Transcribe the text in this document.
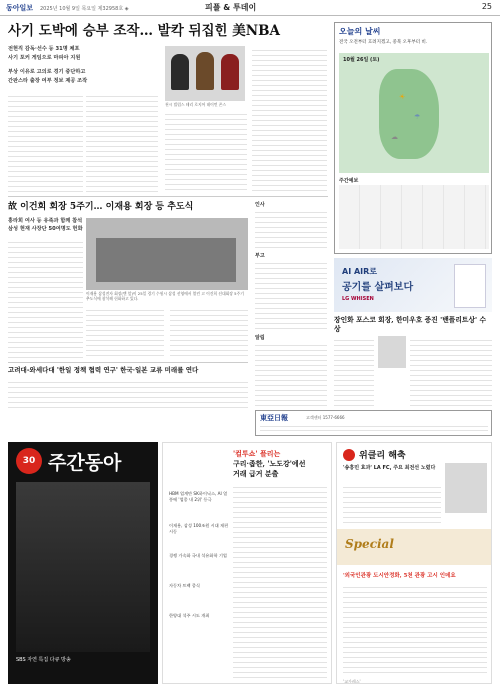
동아일보 2025년 10월 9일 목요일 제32958호 ◈	피플 & 투데이	25
사기 도박에 승부 조작… 발칵 뒤집힌 美NBA
전현직 감독·선수 등 31명 체포
사기 포커 게임으로 마피아 지원
부상 이유로 고의로 경기 중단하고
간판스타 출장 여부 정보 제공 조작
천시 빌럽스 테리 로지어 데이먼 존스
故 이건희 회장 5주기… 이재용 회장 등 추도식
홍라희 여사 등 유족과 함께 참석
삼성 현재 사장단 50여명도 헌화
이재용 삼성전자 회장(맨 앞)이 25일 경기 수원시 삼성 선영에서 열린 고 이건희 선대회장 5주기 추도식에 참석해 헌화하고 있다.
고려대-와세다대 '한일 정책 협력 연구' 한국·일본 교류 미래를 연다
인사
부고
알림
오늘의 날씨
전국 오전부터 흐려지겠고, 중북 오후부터 비.
10월 26일 (토)
☀
☂
☁
주간예보
AI AIR로
공기를 살펴보다
LG WHISEN
장인화 포스코 회장, 한미우호 증진 '밴플리트상' 수상
東亞日報	고객센터 1577-6666
30 주간동아
SBS 자연 특집 다큐 방송
'컬투쇼' 플리는
구리·좁한, '노도강'에선
거래 급거 분출
HBM 업계만 SK하이닉스, AI 열풍에 '업종 내 2위' 등극
이재용, 삼성 100조원 시대 재편 시동
경쟁 가속화 국내 석유화학 기업
자동차 트랙 종식
한양대 석주 시도 개최
위클리 해축
'송흥민 효과' LA FC, 주요 최전선 노렸다
Special
'외국인관광 도시안정화, 5천 관광 고시 인데요
'교가레스'
